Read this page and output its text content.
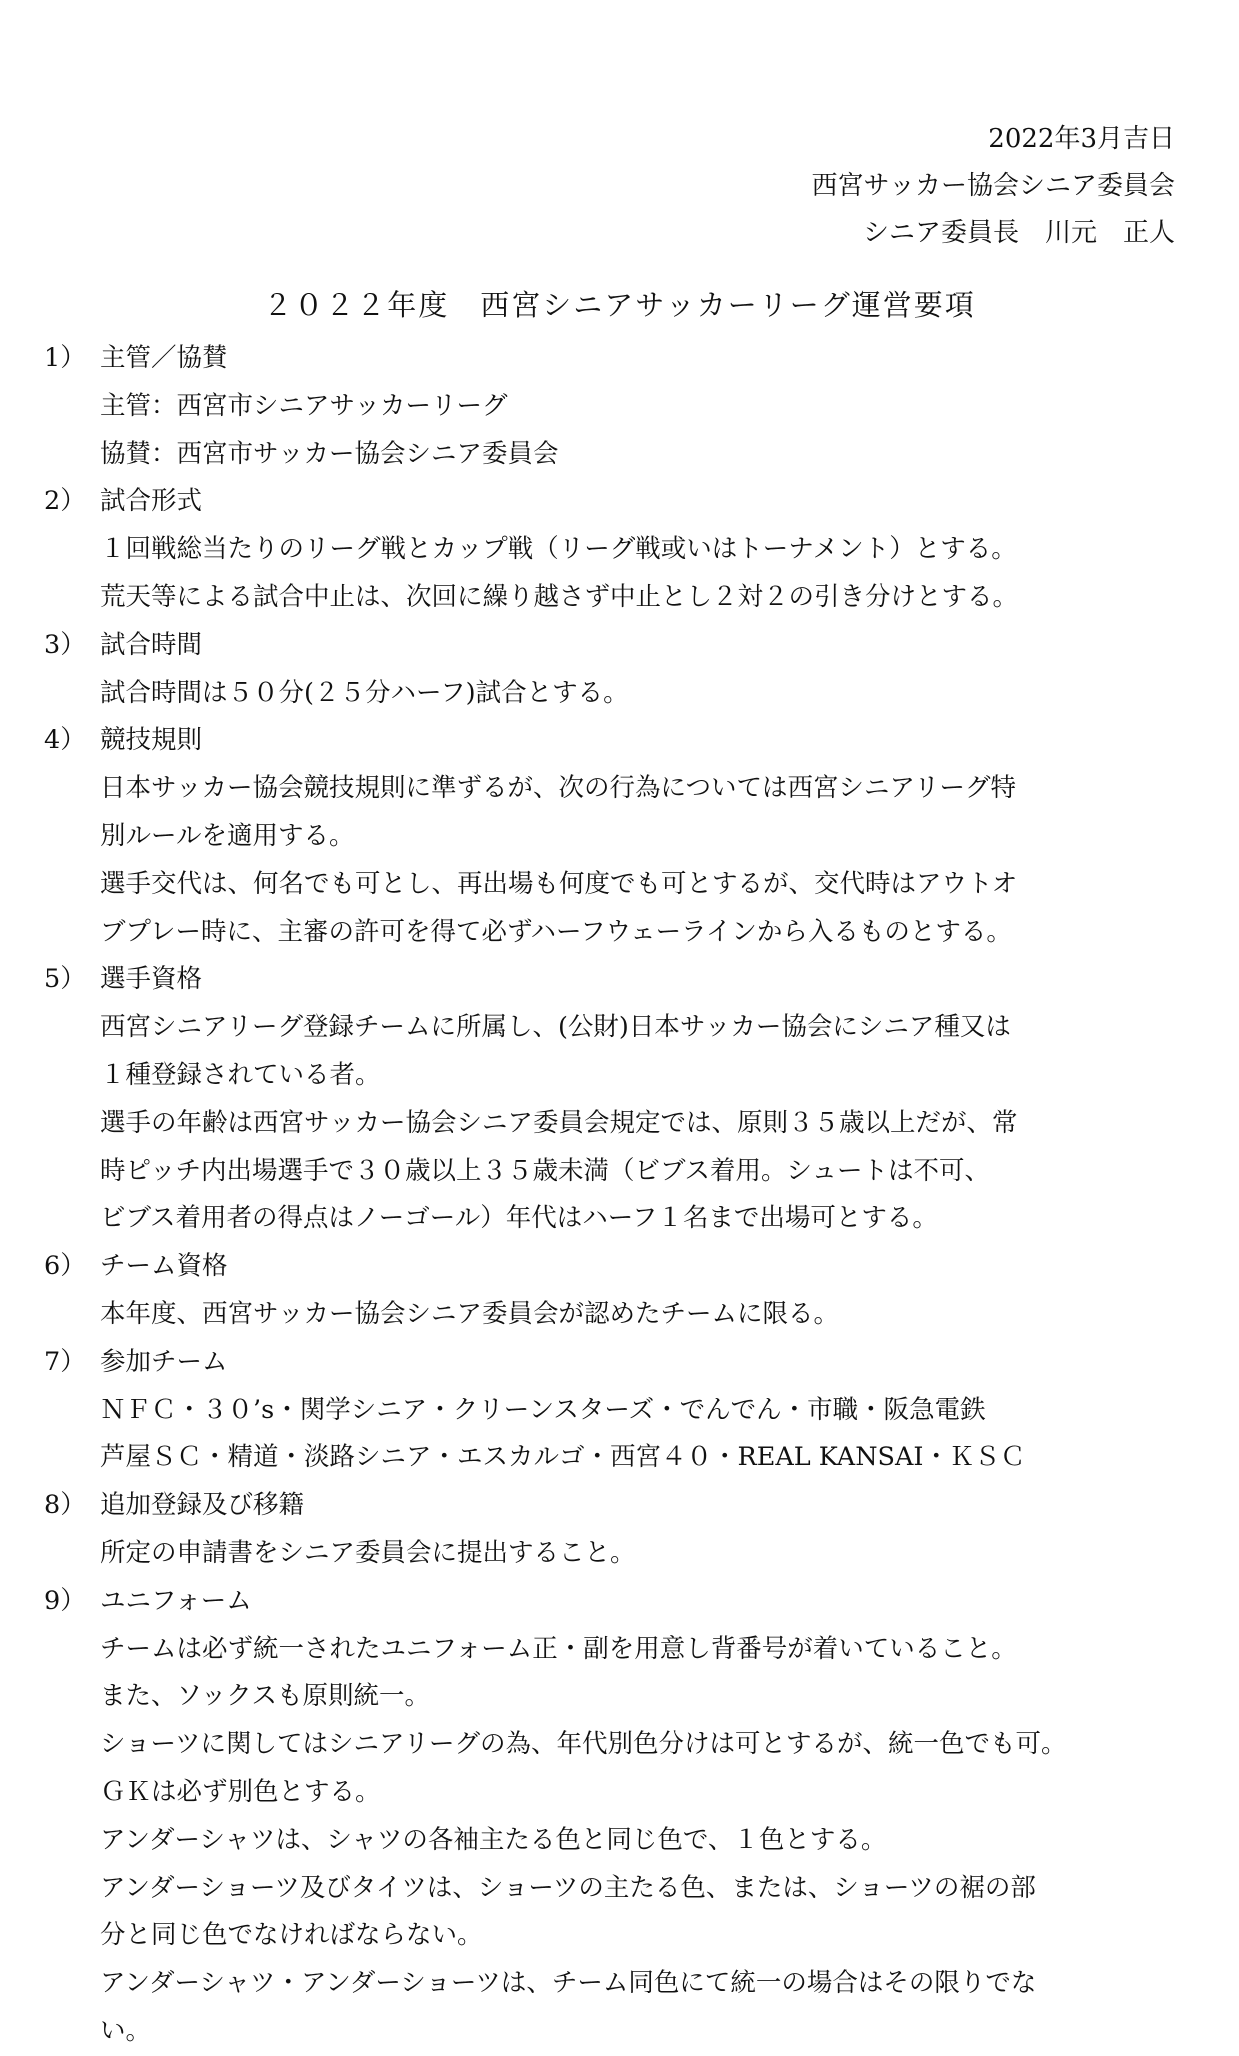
2022年3月吉日
西宮サッカー協会シニア委員会
シニア委員長　川元　正人
２０２２年度　西宮シニアサッカーリーグ運営要項
1） 主管／協賛
主管：西宮市シニアサッカーリーグ
協賛：西宮市サッカー協会シニア委員会
2） 試合形式
１回戦総当たりのリーグ戦とカップ戦（リーグ戦或いはトーナメント）とする。
荒天等による試合中止は、次回に繰り越さず中止とし２対２の引き分けとする。
3） 試合時間
試合時間は５０分(２５分ハーフ)試合とする。
4） 競技規則
日本サッカー協会競技規則に準ずるが、次の行為については西宮シニアリーグ特
別ルールを適用する。
選手交代は、何名でも可とし、再出場も何度でも可とするが、交代時はアウトオ
ブプレー時に、主審の許可を得て必ずハーフウェーラインから入るものとする。
5） 選手資格
西宮シニアリーグ登録チームに所属し、(公財)日本サッカー協会にシニア種又は
１種登録されている者。
選手の年齢は西宮サッカー協会シニア委員会規定では、原則３５歳以上だが、常
時ピッチ内出場選手で３０歳以上３５歳未満（ビブス着用。シュートは不可、
ビブス着用者の得点はノーゴール）年代はハーフ１名まで出場可とする。
6） チーム資格
本年度、西宮サッカー協会シニア委員会が認めたチームに限る。
7） 参加チーム
ＮＦＣ・３０’s・関学シニア・クリーンスターズ・でんでん・市職・阪急電鉄
芦屋ＳＣ・精道・淡路シニア・エスカルゴ・西宮４０・REAL KANSAI・ＫＳＣ
8） 追加登録及び移籍
所定の申請書をシニア委員会に提出すること。
9） ユニフォーム
チームは必ず統一されたユニフォーム正・副を用意し背番号が着いていること。
また、ソックスも原則統一。
ショーツに関してはシニアリーグの為、年代別色分けは可とするが、統一色でも可。
ＧＫは必ず別色とする。
アンダーシャツは、シャツの各袖主たる色と同じ色で、１色とする。
アンダーショーツ及びタイツは、ショーツの主たる色、または、ショーツの裾の部
分と同じ色でなければならない。
アンダーシャツ・アンダーショーツは、チーム同色にて統一の場合はその限りでな
い。
